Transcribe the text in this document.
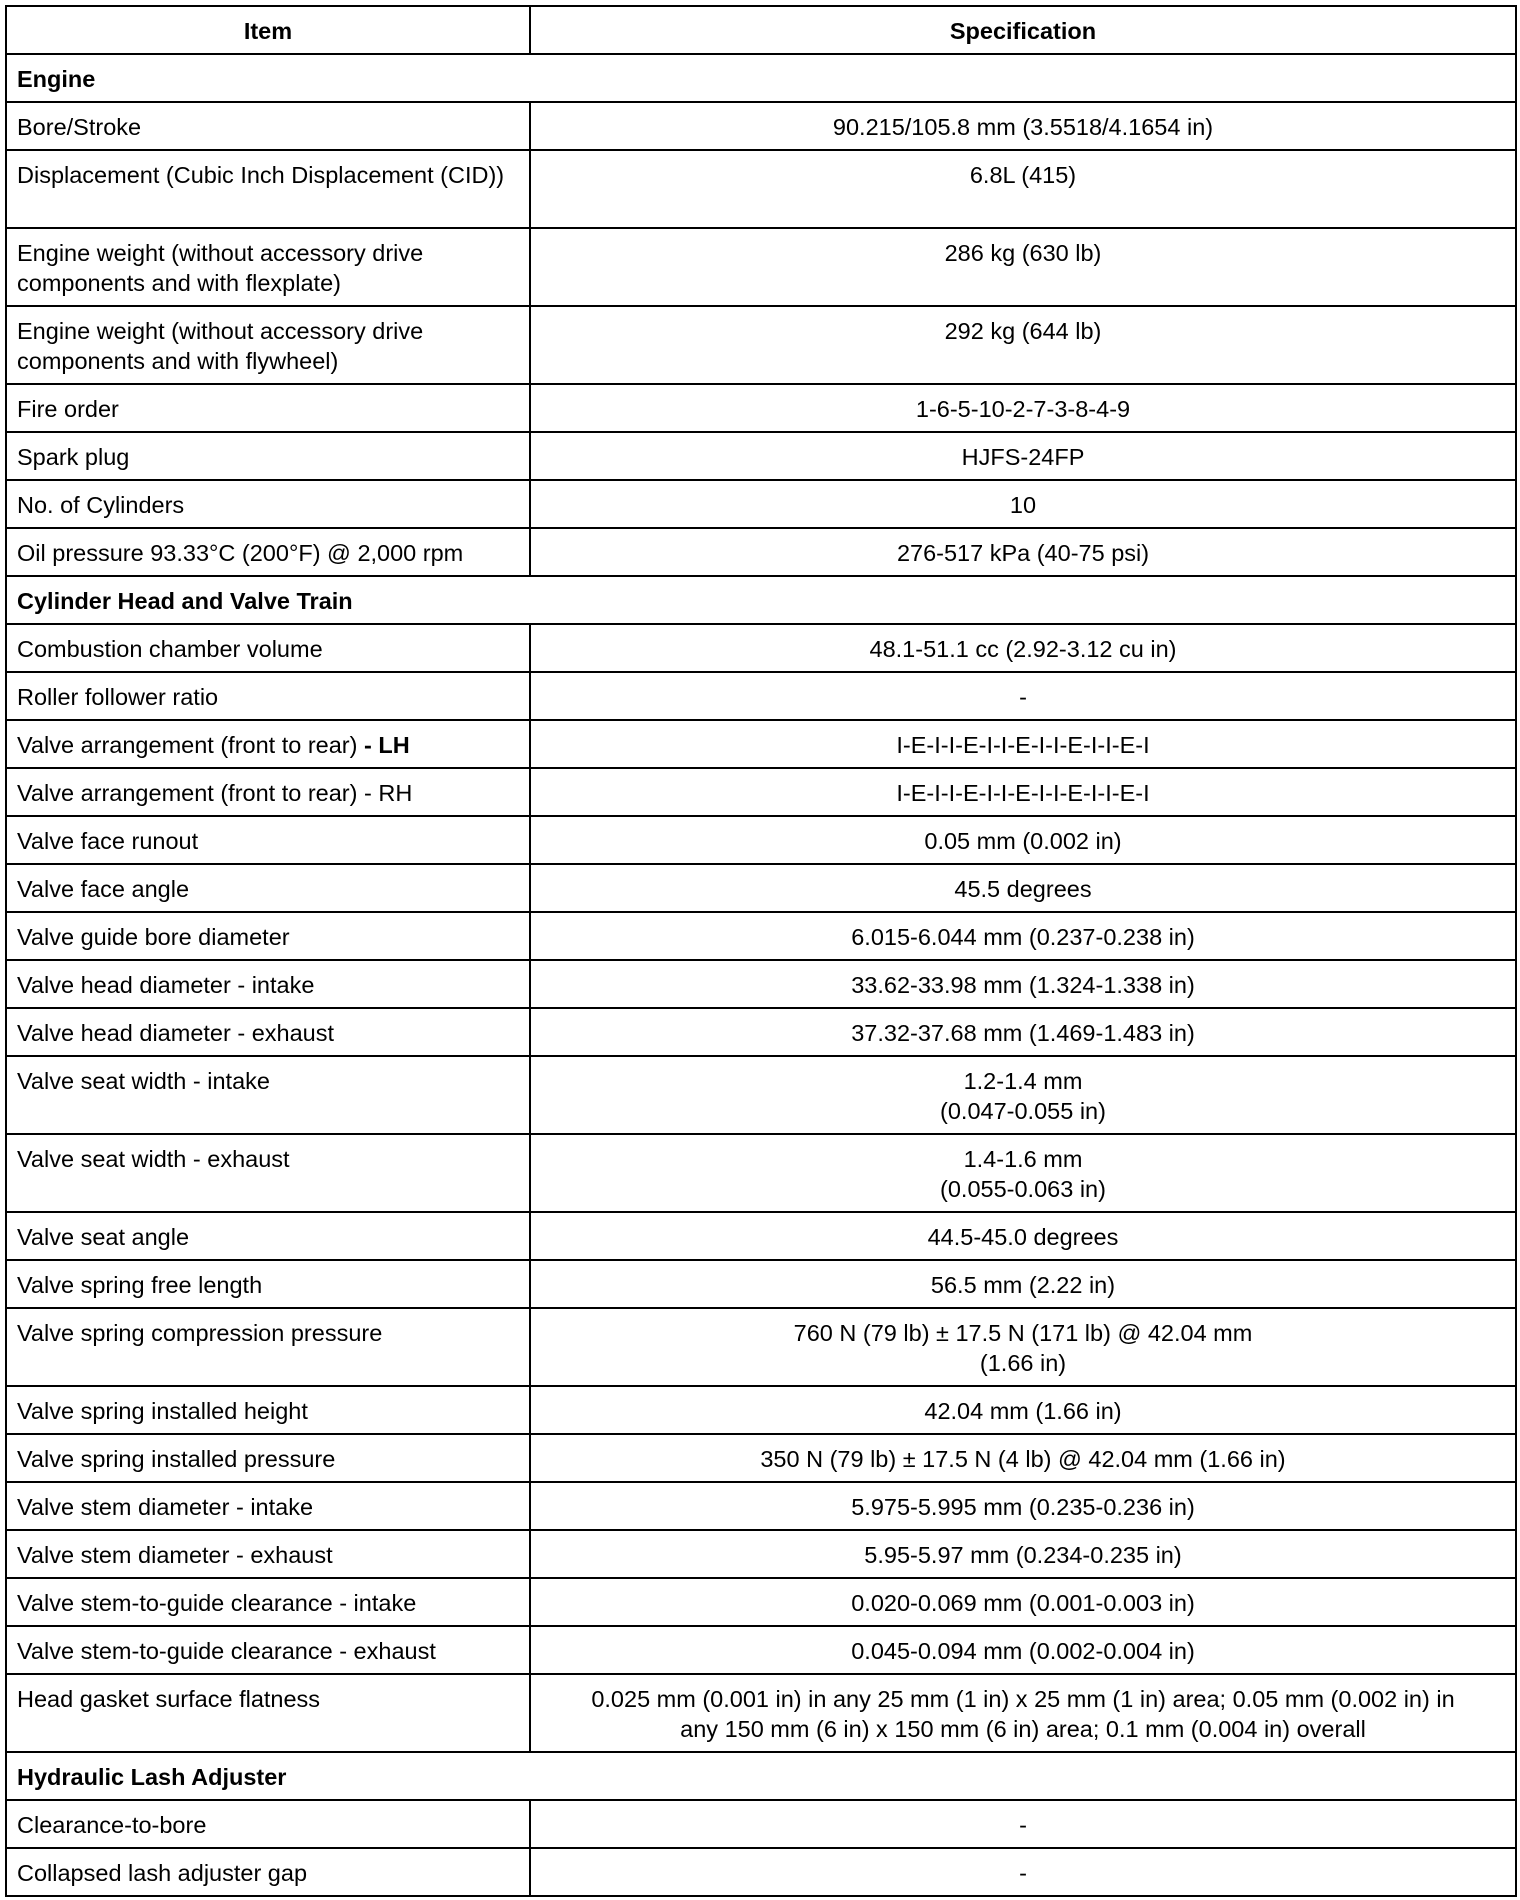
Item	Specification
Engine	
Bore/Stroke	90.215/105.8 mm (3.5518/4.1654 in)
Displacement (Cubic Inch Displacement (CID))	6.8L (415)
Engine weight (without accessory drive components and with flexplate)	286 kg (630 lb)
Engine weight (without accessory drive components and with flywheel)	292 kg (644 lb)
Fire order	1-6-5-10-2-7-3-8-4-9
Spark plug	HJFS-24FP
No. of Cylinders	10
Oil pressure 93.33°C (200°F) @ 2,000 rpm	276-517 kPa (40-75 psi)
Cylinder Head and Valve Train	
Combustion chamber volume	48.1-51.1 cc (2.92-3.12 cu in)
Roller follower ratio	-
Valve arrangement (front to rear) - LH	I-E-I-I-E-I-I-E-I-I-E-I-I-E-I
Valve arrangement (front to rear) - RH	I-E-I-I-E-I-I-E-I-I-E-I-I-E-I
Valve face runout	0.05 mm (0.002 in)
Valve face angle	45.5 degrees
Valve guide bore diameter	6.015-6.044 mm (0.237-0.238 in)
Valve head diameter - intake	33.62-33.98 mm (1.324-1.338 in)
Valve head diameter - exhaust	37.32-37.68 mm (1.469-1.483 in)
Valve seat width - intake	1.2-1.4 mm
(0.047-0.055 in)

Valve seat width - exhaust	1.4-1.6 mm
(0.055-0.063 in)

Valve seat angle	44.5-45.0 degrees
Valve spring free length	56.5 mm (2.22 in)
Valve spring compression pressure	760 N (79 lb) ± 17.5 N (171 lb) @ 42.04 mm
(1.66 in)

Valve spring installed height	42.04 mm (1.66 in)
Valve spring installed pressure	350 N (79 lb) ± 17.5 N (4 lb) @ 42.04 mm (1.66 in)
Valve stem diameter - intake	5.975-5.995 mm (0.235-0.236 in)
Valve stem diameter - exhaust	5.95-5.97 mm (0.234-0.235 in)
Valve stem-to-guide clearance - intake	0.020-0.069 mm (0.001-0.003 in)
Valve stem-to-guide clearance - exhaust	0.045-0.094 mm (0.002-0.004 in)
Head gasket surface flatness	0.025 mm (0.001 in) in any 25 mm (1 in) x 25 mm (1 in) area; 0.05 mm (0.002 in) in
any 150 mm (6 in) x 150 mm (6 in) area; 0.1 mm (0.004 in) overall

Hydraulic Lash Adjuster	
Clearance-to-bore	-
Collapsed lash adjuster gap	-
